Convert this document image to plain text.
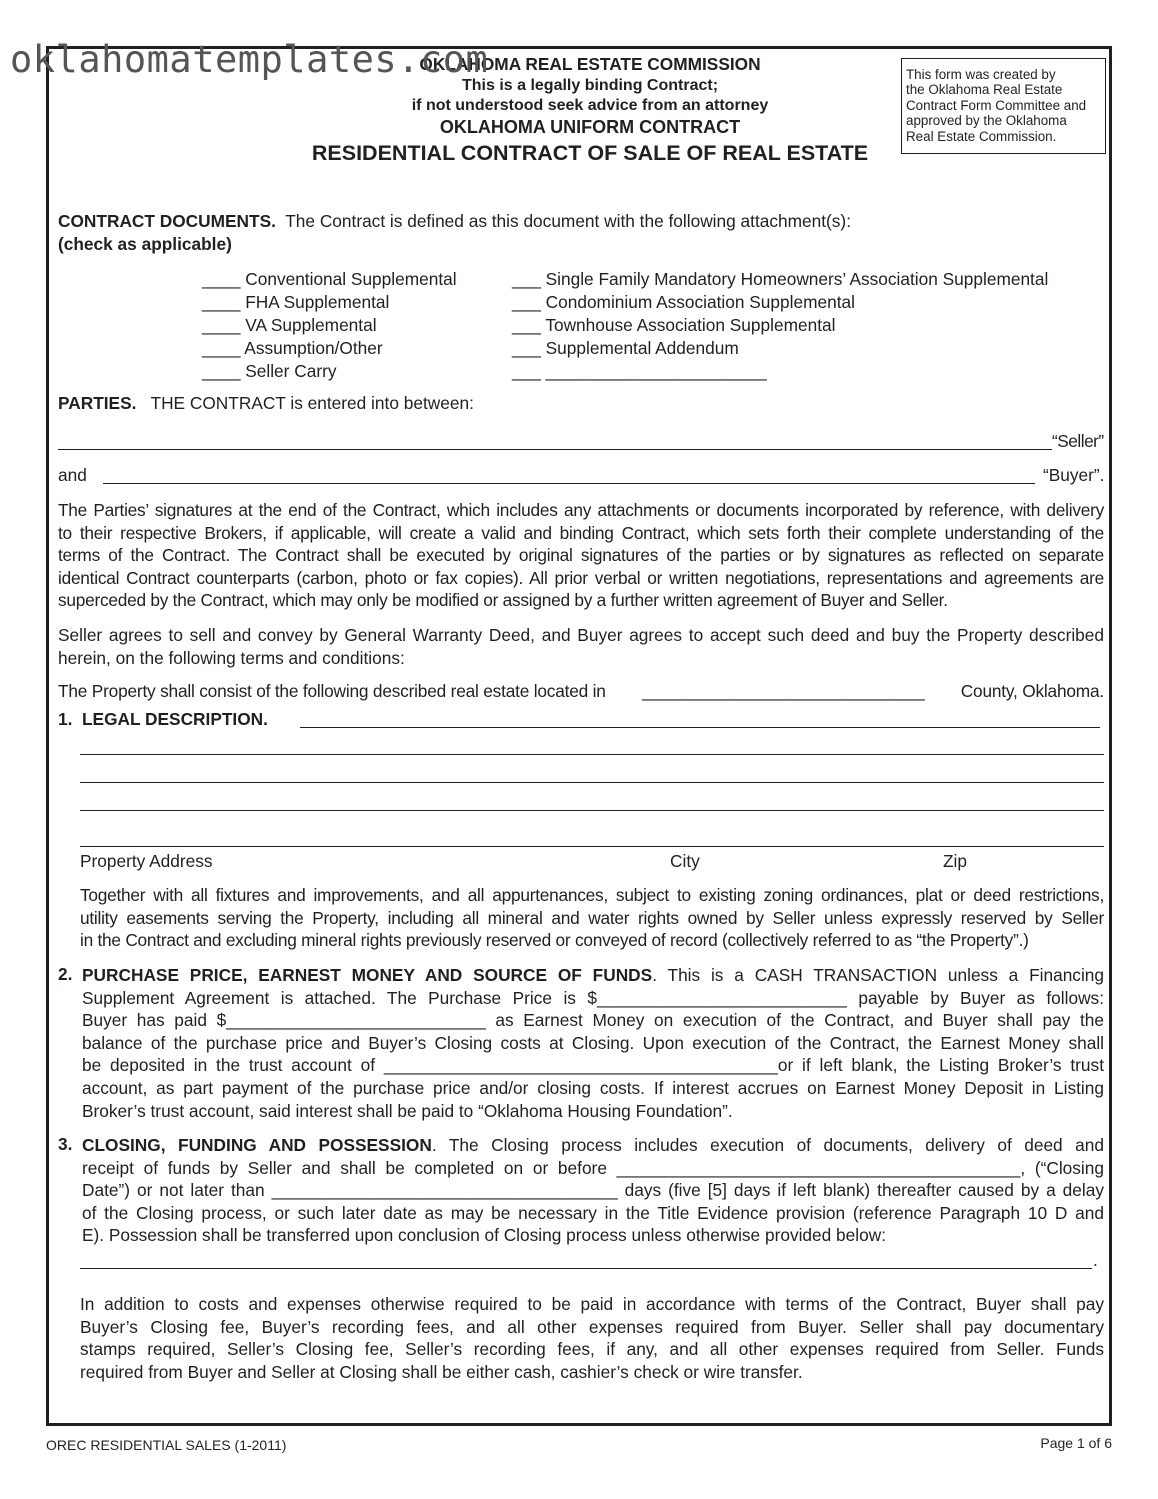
OKLAHOMA REAL ESTATE COMMISSION
oklahomatemplates.com
This is a legally binding Contract;
if not understood seek advice from an attorney
OKLAHOMA UNIFORM CONTRACT
RESIDENTIAL CONTRACT OF SALE OF REAL ESTATE
This form was created by
the Oklahoma Real Estate
Contract Form Committee and
approved by the Oklahoma
Real Estate Commission.
CONTRACT DOCUMENTS. The Contract is defined as this document with the following attachment(s):
(check as applicable)
____ Conventional Supplemental
____ FHA Supplemental
____ VA Supplemental
____ Assumption/Other
____ Seller Carry
___ Single Family Mandatory Homeowners’ Association Supplemental
___ Condominium Association Supplemental
___ Townhouse Association Supplemental
___ Supplemental Addendum
___ _______________________
PARTIES. THE CONTRACT is entered into between:
“Seller”
and	“Buyer”.
The Parties’ signatures at the end of the Contract, which includes any attachments or documents incorporated by reference, with delivery
to their respective Brokers, if applicable, will create a valid and binding Contract, which sets forth their complete understanding of the
terms of the Contract. The Contract shall be executed by original signatures of the parties or by signatures as reflected on separate
identical Contract counterparts (carbon, photo or fax copies). All prior verbal or written negotiations, representations and agreements are
superceded by the Contract, which may only be modified or assigned by a further written agreement of Buyer and Seller.
Seller agrees to sell and convey by General Warranty Deed, and Buyer agrees to accept such deed and buy the Property described
herein, on the following terms and conditions:
The Property shall consist of the following described real estate located in ______________________________ County, Oklahoma.
1. LEGAL DESCRIPTION.
Property Address	City	Zip
Together with all fixtures and improvements, and all appurtenances, subject to existing zoning ordinances, plat or deed restrictions,
utility easements serving the Property, including all mineral and water rights owned by Seller unless expressly reserved by Seller
in the Contract and excluding mineral rights previously reserved or conveyed of record (collectively referred to as “the Property”.)
2. PURCHASE PRICE, EARNEST MONEY AND SOURCE OF FUNDS. This is a CASH TRANSACTION unless a Financing
Supplement Agreement is attached. The Purchase Price is $__________________________ payable by Buyer as follows:
Buyer has paid $___________________________ as Earnest Money on execution of the Contract, and Buyer shall pay the
balance of the purchase price and Buyer’s Closing costs at Closing. Upon execution of the Contract, the Earnest Money shall
be deposited in the trust account of _________________________________________or if left blank, the Listing Broker’s trust
account, as part payment of the purchase price and/or closing costs. If interest accrues on Earnest Money Deposit in Listing
Broker’s trust account, said interest shall be paid to “Oklahoma Housing Foundation”.
3. CLOSING, FUNDING AND POSSESSION. The Closing process includes execution of documents, delivery of deed and
receipt of funds by Seller and shall be completed on or before __________________________________________, (“Closing
Date”) or not later than ____________________________________ days (five [5] days if left blank) thereafter caused by a delay
of the Closing process, or such later date as may be necessary in the Title Evidence provision (reference Paragraph 10 D and
E). Possession shall be transferred upon conclusion of Closing process unless otherwise provided below:
.
In addition to costs and expenses otherwise required to be paid in accordance with terms of the Contract, Buyer shall pay
Buyer’s Closing fee, Buyer’s recording fees, and all other expenses required from Buyer. Seller shall pay documentary
stamps required, Seller’s Closing fee, Seller’s recording fees, if any, and all other expenses required from Seller. Funds
required from Buyer and Seller at Closing shall be either cash, cashier’s check or wire transfer.
OREC RESIDENTIAL SALES (1-2011)	Page 1 of 6
